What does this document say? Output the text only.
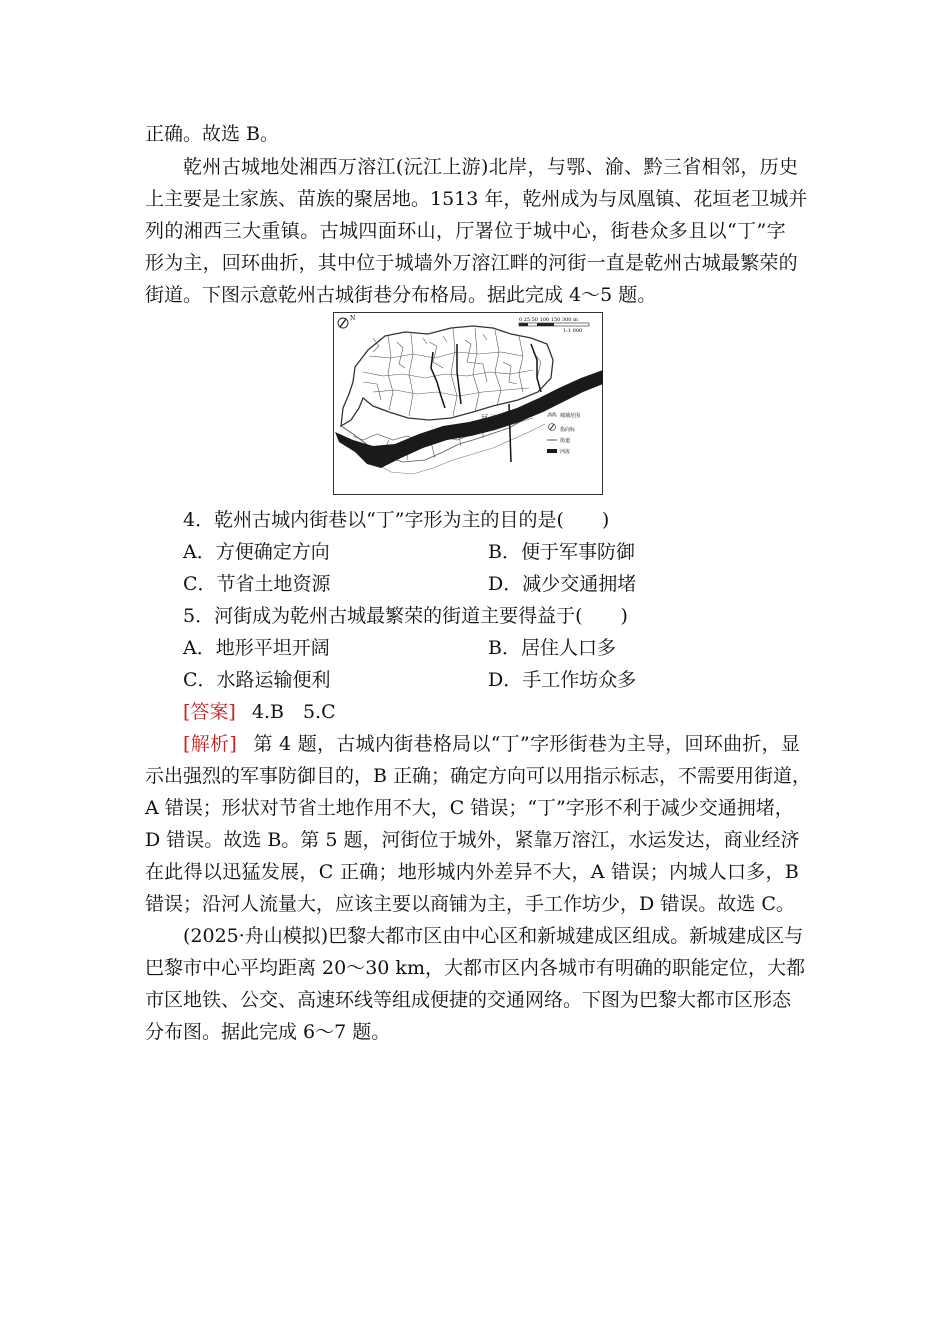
正确。故选 B。
乾州古城地处湘西万溶江(沅江上游)北岸，与鄂、渝、黔三省相邻，历史
上主要是土家族、苗族的聚居地。1513 年，乾州成为与凤凰镇、花垣老卫城并
列的湘西三大重镇。古城四面环山，厅署位于城中心，街巷众多且以“丁”字
形为主，回环曲折，其中位于城墙外万溶江畔的河街一直是乾州古城最繁荣的
街道。下图示意乾州古城街巷分布格局。据此完成 4～5 题。
N	0 25 50 100 150 300 m
1:1 000
河 流	城墙范围
指向标
街道
河流
4．乾州古城内街巷以“丁”字形为主的目的是(　　)
A．方便确定方向	B．便于军事防御
C．节省土地资源	D．减少交通拥堵
5．河街成为乾州古城最繁荣的街道主要得益于(　　)
A．地形平坦开阔	B．居住人口多
C．水路运输便利	D．手工作坊众多
[答案] 4.B　5.C
[解析] 第 4 题，古城内街巷格局以“丁”字形街巷为主导，回环曲折，显
示出强烈的军事防御目的，B 正确；确定方向可以用指示标志，不需要用街道，
A 错误；形状对节省土地作用不大，C 错误；“丁”字形不利于减少交通拥堵，
D 错误。故选 B。第 5 题，河街位于城外，紧靠万溶江，水运发达，商业经济
在此得以迅猛发展，C 正确；地形城内外差异不大，A 错误；内城人口多，B
错误；沿河人流量大，应该主要以商铺为主，手工作坊少，D 错误。故选 C。
(2025·舟山模拟)巴黎大都市区由中心区和新城建成区组成。新城建成区与
巴黎市中心平均距离 20～30 km，大都市区内各城市有明确的职能定位，大都
市区地铁、公交、高速环线等组成便捷的交通网络。下图为巴黎大都市区形态
分布图。据此完成 6～7 题。
